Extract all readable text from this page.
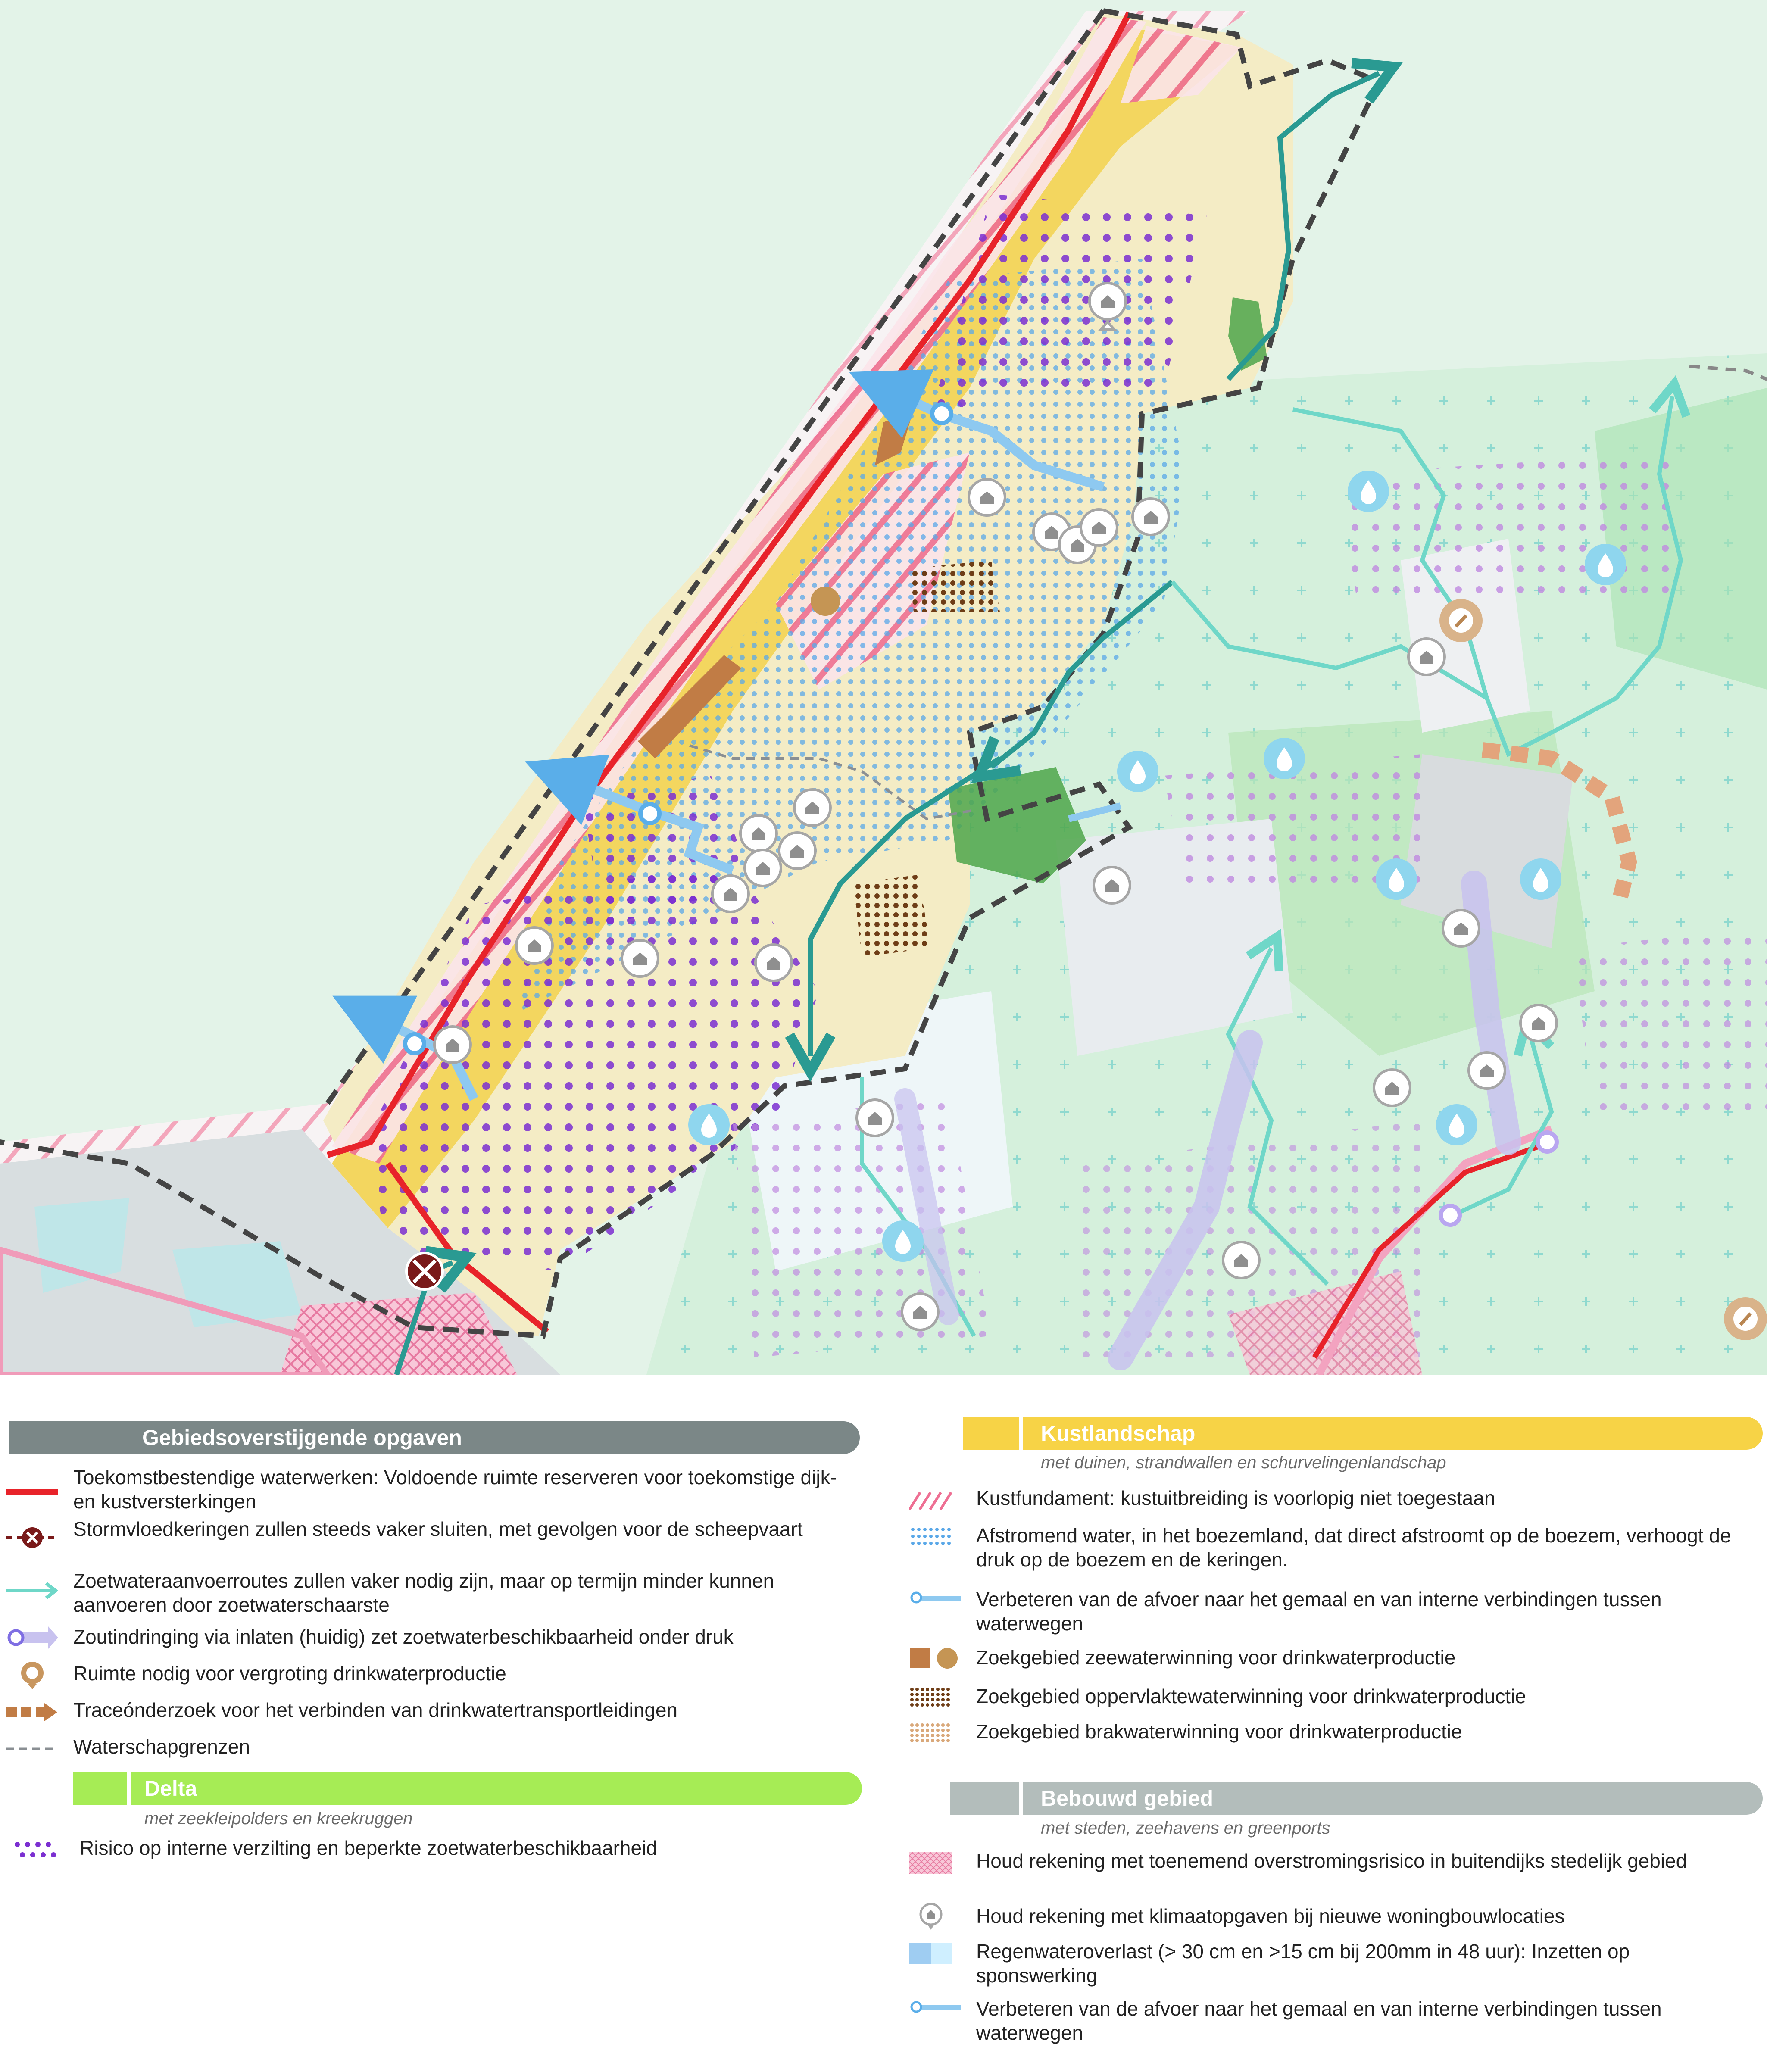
Gebiedsoverstijgende opgaven
Toekomstbestendige waterwerken: Voldoende ruimte reserveren voor toekomstige dijk- en kustversterkingen
Stormvloedkeringen zullen steeds vaker sluiten, met gevolgen voor de scheepvaart
Zoetwateraanvoerroutes zullen vaker nodig zijn, maar op termijn minder kunnen aanvoeren door zoetwaterschaarste
Zoutindringing via inlaten (huidig) zet zoetwaterbeschikbaarheid onder druk
Ruimte nodig voor vergroting drinkwaterproductie
Traceónderzoek voor het verbinden van drinkwatertransportleidingen
Waterschapgrenzen
Delta
met zeekleipolders en kreekruggen
Risico op interne verzilting en beperkte zoetwaterbeschikbaarheid
Kustlandschap
met duinen, strandwallen en schurvelingenlandschap
Kustfundament: kustuitbreiding is voorlopig niet toegestaan
Afstromend water, in het boezemland, dat direct afstroomt op de boezem, verhoogt de druk op de boezem en de keringen.
Verbeteren van de afvoer naar het gemaal en van interne verbindingen tussen waterwegen
Zoekgebied zeewaterwinning voor drinkwaterproductie
Zoekgebied oppervlaktewaterwinning voor drinkwaterproductie
Zoekgebied brakwaterwinning voor drinkwaterproductie
Bebouwd gebied
met steden, zeehavens en greenports
Houd rekening met toenemend overstromingsrisico in buitendijks stedelijk gebied
Houd rekening met klimaatopgaven bij nieuwe woningbouwlocaties
Regenwateroverlast (> 30 cm en >15 cm bij 200mm in 48 uur): Inzetten op sponswerking
Verbeteren van de afvoer naar het gemaal en van interne verbindingen tussen waterwegen
